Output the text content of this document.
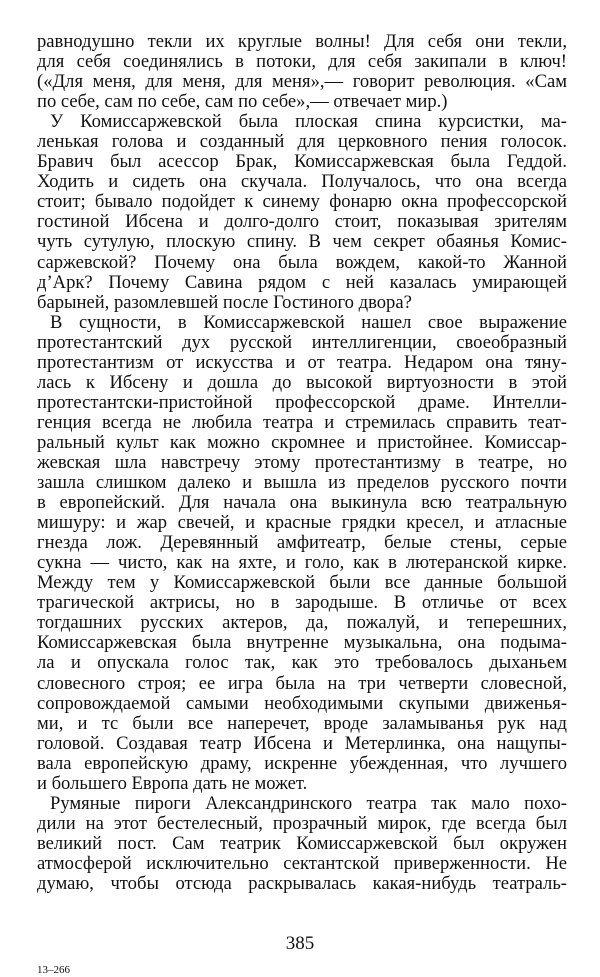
равнодушно текли их круглые волны! Для себя они текли,
для себя соединялись в потоки, для себя закипали в ключ!
(«Для меня, для меня, для меня»,— говорит революция. «Сам
по себе, сам по себе, сам по себе»,— отвечает мир.)
У Комиссаржевской была плоская спина курсистки, ма-
ленькая голова и созданный для церковного пения голосок.
Бравич был асессор Брак, Комиссаржевская была Геддой.
Ходить и сидеть она скучала. Получалось, что она всегда
стоит; бывало подойдет к синему фонарю окна профессорской
гостиной Ибсена и долго-долго стоит, показывая зрителям
чуть сутулую, плоскую спину. В чем секрет обаянья Комис-
саржевской? Почему она была вождем, какой-то Жанной
д’Арк? Почему Савина рядом с ней казалась умирающей
барыней, разомлевшей после Гостиного двора?
В сущности, в Комиссаржевской нашел свое выражение
протестантский дух русской интеллигенции, своеобразный
протестантизм от искусства и от театра. Недаром она тяну-
лась к Ибсену и дошла до высокой виртуозности в этой
протестантски-пристойной профессорской драме. Интелли-
генция всегда не любила театра и стремилась справить теат-
ральный культ как можно скромнее и пристойнее. Комиссар-
жевская шла навстречу этому протестантизму в театре, но
зашла слишком далеко и вышла из пределов русского почти
в европейский. Для начала она выкинула всю театральную
мишуру: и жар свечей, и красные грядки кресел, и атласные
гнезда лож. Деревянный амфитеатр, белые стены, серые
сукна — чисто, как на яхте, и голо, как в лютеранской кирке.
Между тем у Комиссаржевской были все данные большой
трагической актрисы, но в зародыше. В отличье от всех
тогдашних русских актеров, да, пожалуй, и теперешних,
Комиссаржевская была внутренне музыкальна, она подыма-
ла и опускала голос так, как это требовалось дыханьем
словесного строя; ее игра была на три четверти словесной,
сопровождаемой самыми необходимыми скупыми движенья-
ми, и тс были все наперечет, вроде заламыванья рук над
головой. Создавая театр Ибсена и Метерлинка, она нащупы-
вала европейскую драму, искренне убежденная, что лучшего
и большего Европа дать не может.
Румяные пироги Александринского театра так мало похо-
дили на этот бестелесный, прозрачный мирок, где всегда был
великий пост. Сам театрик Комиссаржевской был окружен
атмосферой исключительно сектантской приверженности. Не
думаю, чтобы отсюда раскрывалась какая-нибудь театраль-
385
13–266
